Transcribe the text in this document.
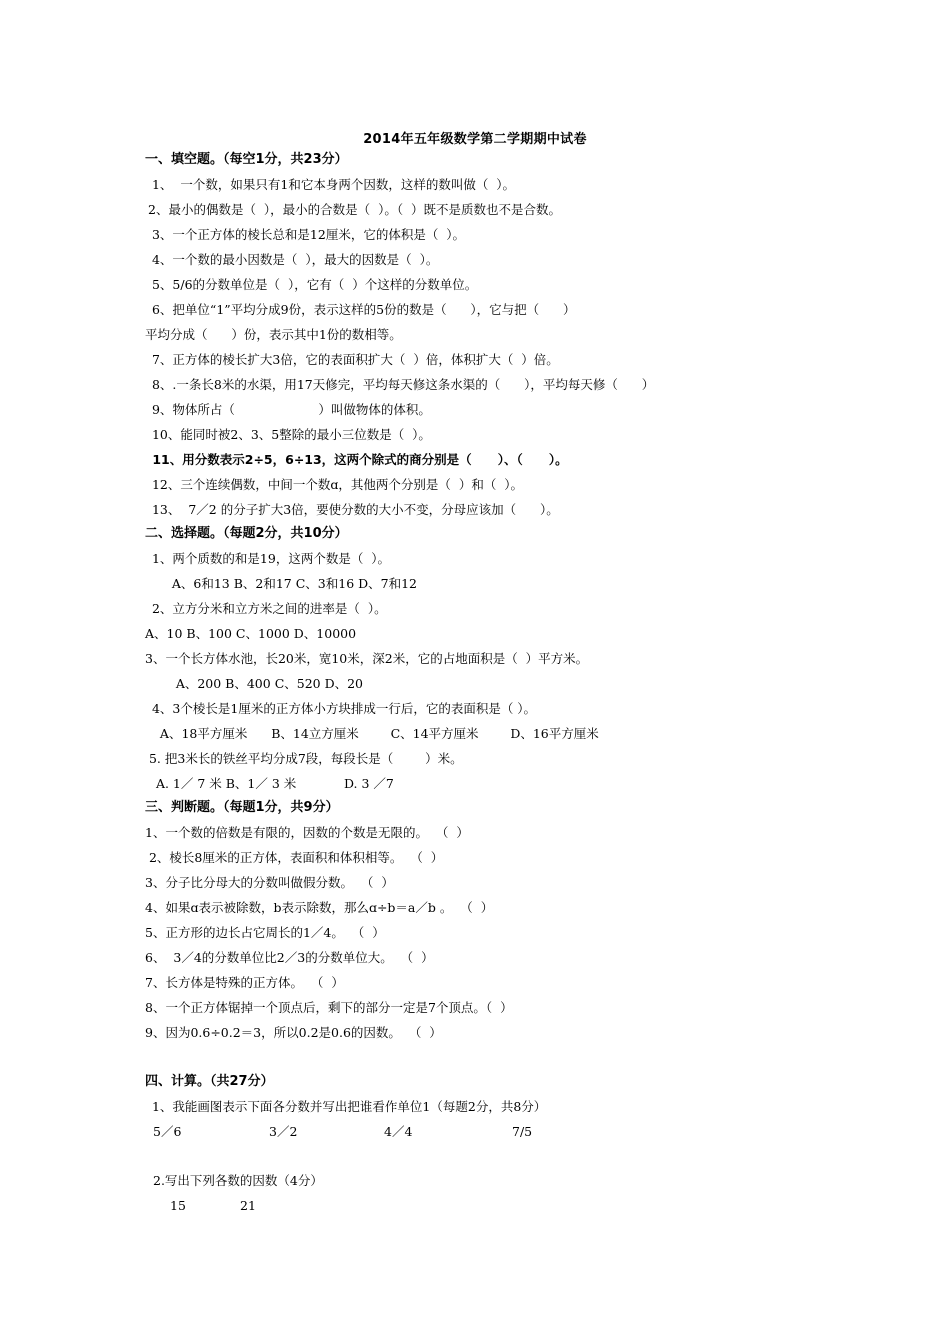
2014年五年级数学第二学期期中试卷
一、填空题。（每空1分，共23分）
1、  一个数，如果只有1和它本身两个因数，这样的数叫做（  ）。
2、最小的偶数是（  ），最小的合数是（  ）。（  ）既不是质数也不是合数。
3、一个正方体的棱长总和是12厘米，它的体积是（  ）。
4、一个数的最小因数是（  ），最大的因数是（  ）。
5、5/6的分数单位是（  ），它有（  ）个这样的分数单位。
6、把单位“1”平均分成9份，表示这样的5份的数是（      ），它与把（      ）
平均分成（      ）份，表示其中1份的数相等。
7、正方体的棱长扩大3倍，它的表面积扩大（  ）倍，体积扩大（  ）倍。
8、.一条长8米的水渠，用17天修完，平均每天修这条水渠的（      ），平均每天修（      ）
9、物体所占（                     ）叫做物体的体积。
10、能同时被2、3、5整除的最小三位数是（  ）。
11、用分数表示2÷5，6÷13，这两个除式的商分别是（      ）、（      ）。
12、三个连续偶数，中间一个数ɑ，其他两个分别是（  ）和（  ）。
13、  7／2 的分子扩大3倍，要使分数的大小不变，分母应该加（      ）。
二、选择题。（每题2分，共10分）
1、两个质数的和是19，这两个数是（  ）。
A、6和13 B、2和17 C、3和16 D、7和12
2、立方分米和立方米之间的进率是（  ）。
A、10 B、100 C、1000 D、10000
3、一个长方体水池，长20米，宽10米，深2米，它的占地面积是（  ）平方米。
A、200 B、400 C、520 D、20
4、3个棱长是1厘米的正方体小方块排成一行后，它的表面积是（ ）。
A、18平方厘米      B、14立方厘米        C、14平方厘米        D、16平方厘米
5. 把3米长的铁丝平均分成7段，每段长是（        ）米。
A. 1／ 7 米 B、1／ 3 米            D. 3 ／7
三、判断题。（每题1分，共9分）
1、一个数的倍数是有限的，因数的个数是无限的。  （  ）
2、棱长8厘米的正方体，表面积和体积相等。  （  ）
3、分子比分母大的分数叫做假分数。  （  ）
4、如果ɑ表示被除数，b表示除数，那么ɑ÷b＝a／b 。  （  ）
5、正方形的边长占它周长的1／4。  （  ）
6、  3／4的分数单位比2／3的分数单位大。  （  ）
7、长方体是特殊的正方体。  （  ）
8、一个正方体锯掉一个顶点后，剩下的部分一定是7个顶点。（  ）
9、因为0.6÷0.2＝3，所以0.2是0.6的因数。  （  ）
四、计算。（共27分）
1、我能画图表示下面各分数并写出把谁看作单位1（每题2分，共8分）
5／6	3／2	4／4	7/5
2.写出下列各数的因数（4分）
15	21
